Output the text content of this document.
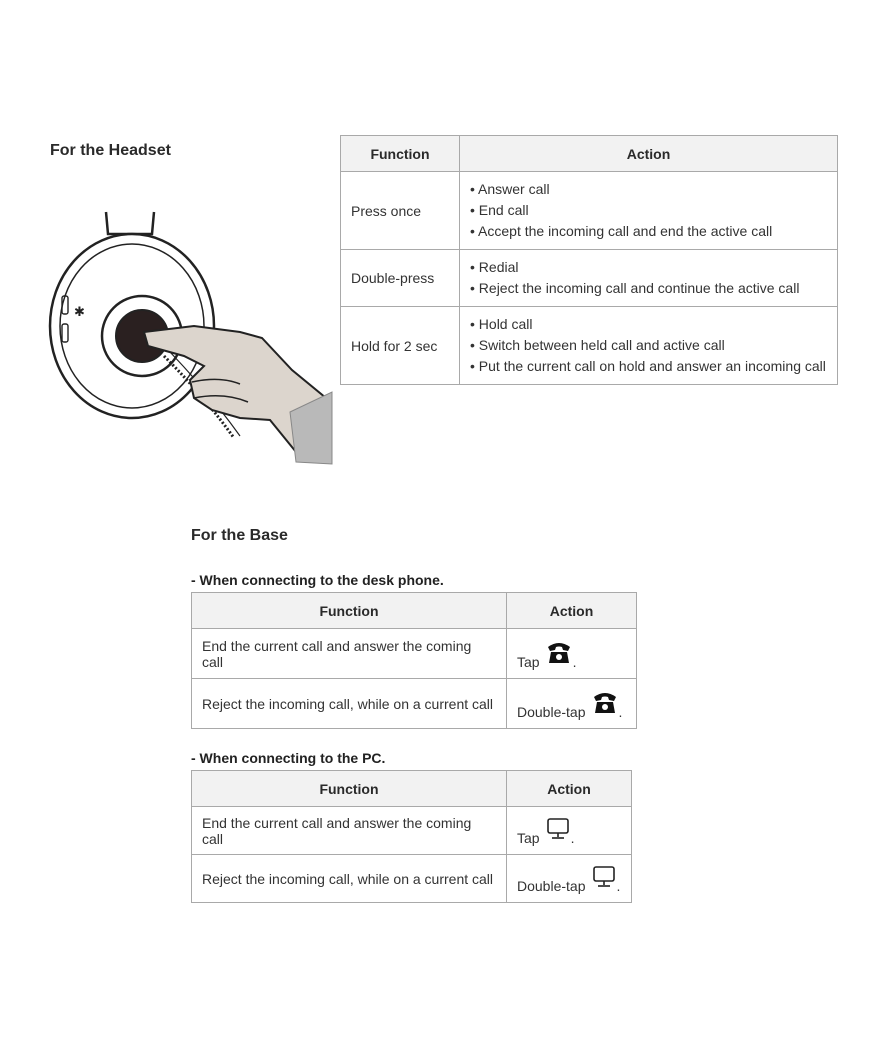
For the Headset
✱
Function	Action
Press once	• Answer call
• End call
• Accept the incoming call and end the active call

Double-press	• Redial
• Reject the incoming call and continue the active call

Hold for 2 sec	• Hold call
• Switch between held call and active call
• Put the current call on hold and answer an incoming call
For the Base

- When connecting to the desk phone.

Function	Action
End the current call and answer the coming call	Tap .
Reject the incoming call, while on a current call	Double-tap .

- When connecting to the PC.

Function	Action
End the current call and answer the coming call	Tap .
Reject the incoming call, while on a current call	Double-tap .
